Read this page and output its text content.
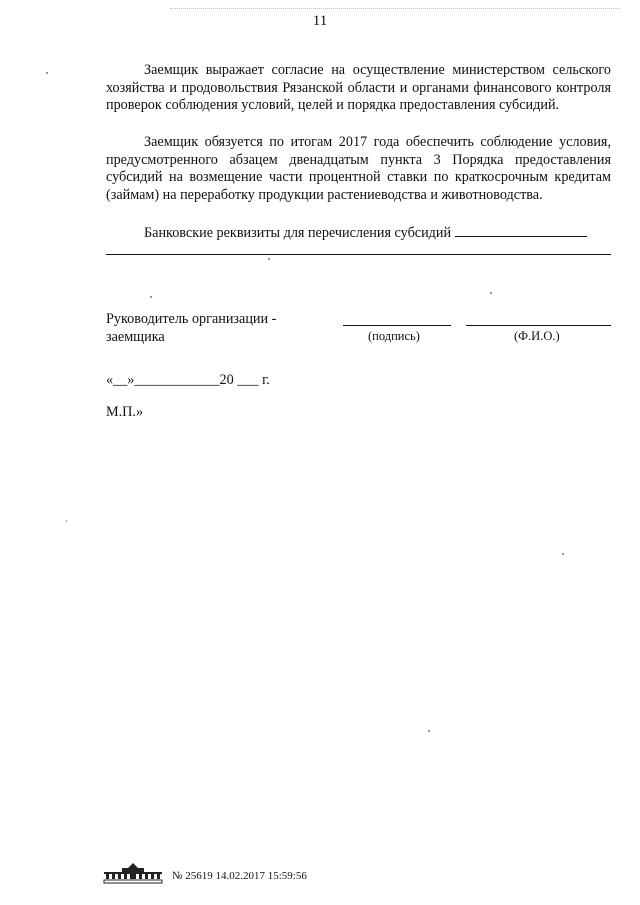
11

Заемщик выражает согласие на осуществление министерством сельского хозяйства и продовольствия Рязанской области и органами финансового контроля проверок соблюдения условий, целей и порядка предоставления субсидий.

Заемщик обязуется по итогам 2017 года обеспечить соблюдение условия, предусмотренного абзацем двенадцатым пункта 3 Порядка предоставления субсидий на возмещение части процентной ставки по краткосрочным кредитам (займам) на переработку продукции растениеводства и животноводства.

Банковские реквизиты для перечисления субсидий
Руководитель организации -
заемщика	(подпись)	(Ф.И.О.)
«__»____________20 ___ г.
М.П.»
№ 25619 14.02.2017 15:59:56
